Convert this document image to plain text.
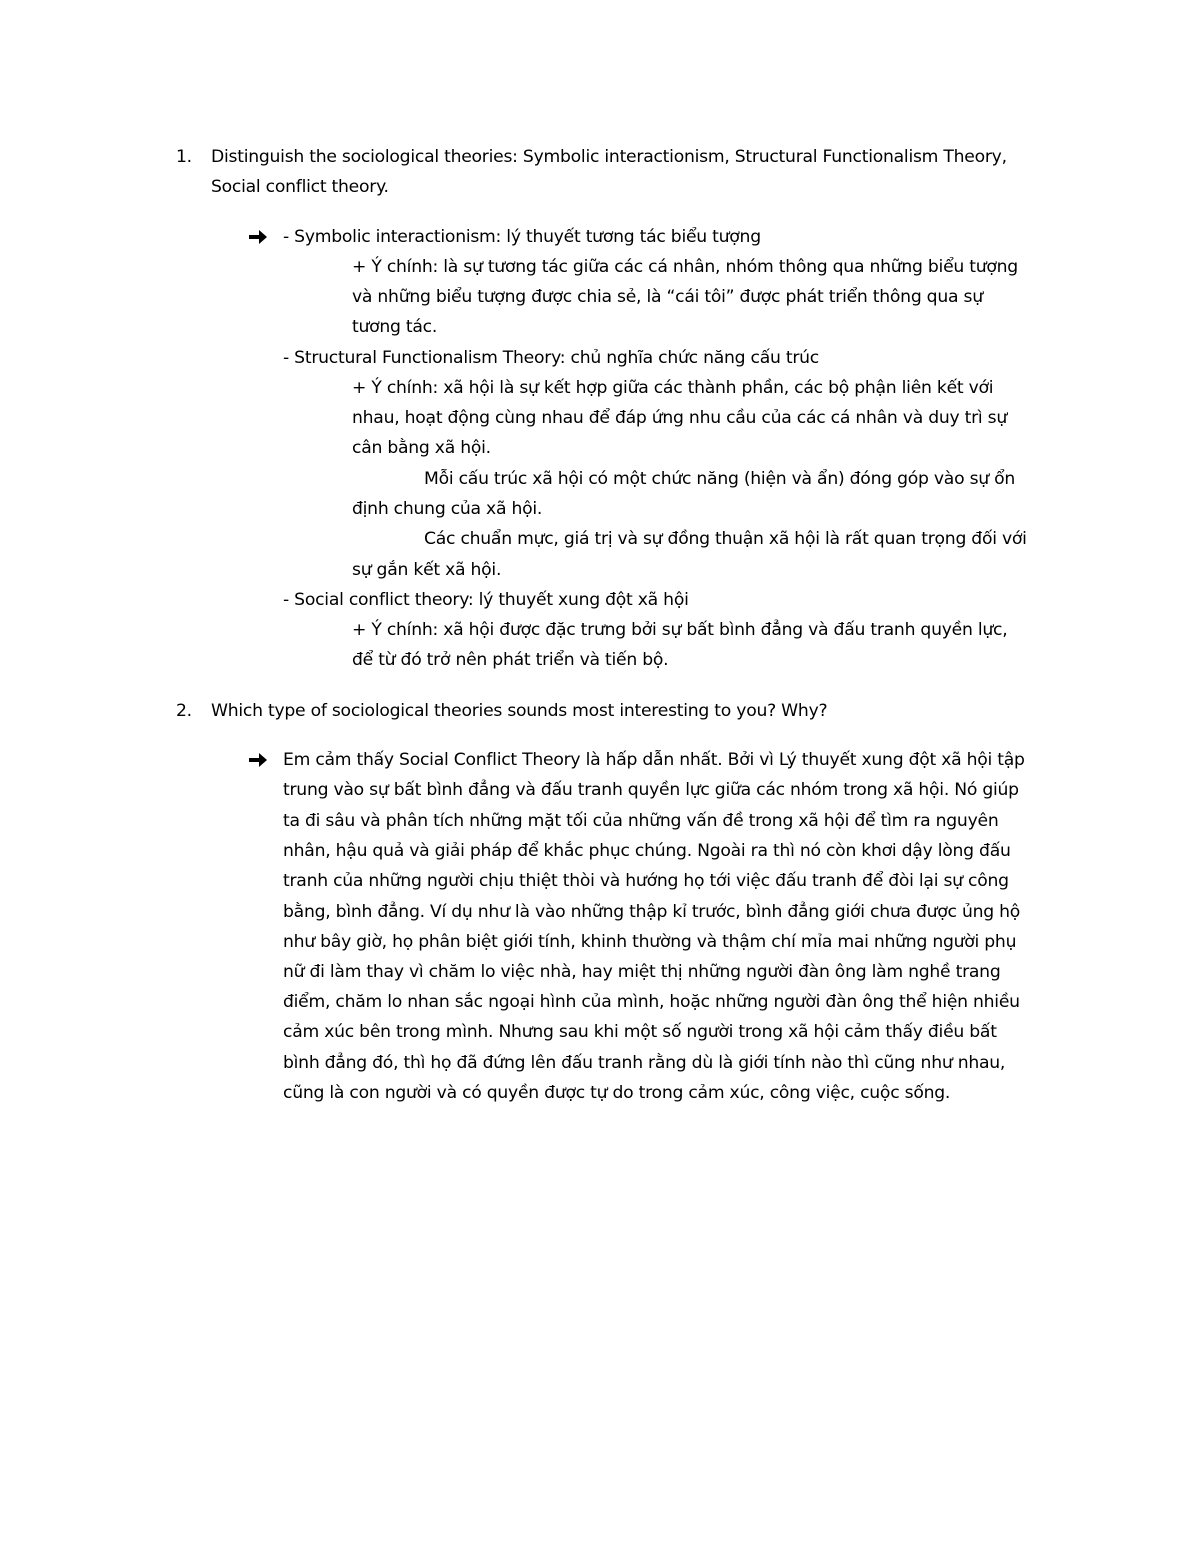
1. Distinguish the sociological theories: Symbolic interactionism, Structural Functionalism Theory,
Social conflict theory.
- Symbolic interactionism: lý thuyết tương tác biểu tượng
+ Ý chính: là sự tương tác giữa các cá nhân, nhóm thông qua những biểu tượng
và những biểu tượng được chia sẻ, là “cái tôi” được phát triển thông qua sự
tương tác.
- Structural Functionalism Theory: chủ nghĩa chức năng cấu trúc
+ Ý chính: xã hội là sự kết hợp giữa các thành phần, các bộ phận liên kết với
nhau, hoạt động cùng nhau để đáp ứng nhu cầu của các cá nhân và duy trì sự
cân bằng xã hội.
Mỗi cấu trúc xã hội có một chức năng (hiện và ẩn) đóng góp vào sự ổn
định chung của xã hội.
Các chuẩn mực, giá trị và sự đồng thuận xã hội là rất quan trọng đối với
sự gắn kết xã hội.
- Social conflict theory: lý thuyết xung đột xã hội
+ Ý chính: xã hội được đặc trưng bởi sự bất bình đẳng và đấu tranh quyền lực,
để từ đó trở nên phát triển và tiến bộ.
2. Which type of sociological theories sounds most interesting to you? Why?
Em cảm thấy Social Conflict Theory là hấp dẫn nhất. Bởi vì Lý thuyết xung đột xã hội tập
trung vào sự bất bình đẳng và đấu tranh quyền lực giữa các nhóm trong xã hội. Nó giúp
ta đi sâu và phân tích những mặt tối của những vấn đề trong xã hội để tìm ra nguyên
nhân, hậu quả và giải pháp để khắc phục chúng. Ngoài ra thì nó còn khơi dậy lòng đấu
tranh của những người chịu thiệt thòi và hướng họ tới việc đấu tranh để đòi lại sự công
bằng, bình đẳng. Ví dụ như là vào những thập kỉ trước, bình đẳng giới chưa được ủng hộ
như bây giờ, họ phân biệt giới tính, khinh thường và thậm chí mỉa mai những người phụ
nữ đi làm thay vì chăm lo việc nhà, hay miệt thị những người đàn ông làm nghề trang
điểm, chăm lo nhan sắc ngoại hình của mình, hoặc những người đàn ông thể hiện nhiều
cảm xúc bên trong mình. Nhưng sau khi một số người trong xã hội cảm thấy điều bất
bình đẳng đó, thì họ đã đứng lên đấu tranh rằng dù là giới tính nào thì cũng như nhau,
cũng là con người và có quyền được tự do trong cảm xúc, công việc, cuộc sống.
